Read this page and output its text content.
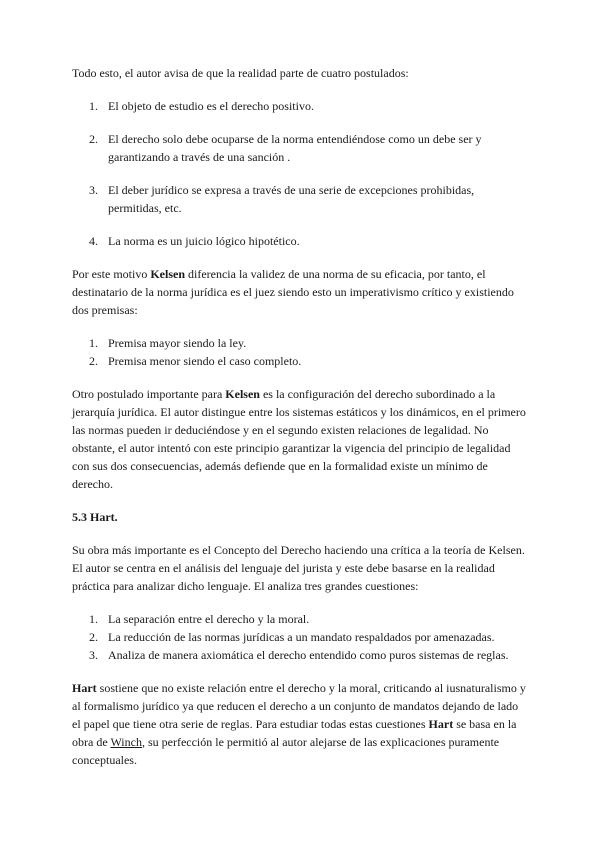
Todo esto, el autor avisa de que la realidad parte de cuatro postulados:

1. El objeto de estudio es el derecho positivo.
2. El derecho solo debe ocuparse de la norma entendiéndose como un debe ser y garantizando a través de una sanción .
3. El deber jurídico se expresa a través de una serie de excepciones prohibidas, permitidas, etc.
4. La norma es un juicio lógico hipotético.

Por este motivo Kelsen diferencia la validez de una norma de su eficacia, por tanto, el destinatario de la norma jurídica es el juez siendo esto un imperativismo crítico y existiendo dos premisas:

1. Premisa mayor siendo la ley.
2. Premisa menor siendo el caso completo.

Otro postulado importante para Kelsen es la configuración del derecho subordinado a la jerarquía jurídica. El autor distingue entre los sistemas estáticos y los dinámicos, en el primero las normas pueden ir deduciéndose y en el segundo existen relaciones de legalidad. No obstante, el autor intentó con este principio garantizar la vigencia del principio de legalidad con sus dos consecuencias, además defiende que en la formalidad existe un mínimo de derecho.

5.3 Hart.

Su obra más importante es el Concepto del Derecho haciendo una crítica a la teoría de Kelsen. El autor se centra en el análisis del lenguaje del jurista y este debe basarse en la realidad práctica para analizar dicho lenguaje. El analiza tres grandes cuestiones:

1. La separación entre el derecho y la moral.
2. La reducción de las normas jurídicas a un mandato respaldados por amenazadas.
3. Analiza de manera axiomática el derecho entendido como puros sistemas de reglas.

Hart sostiene que no existe relación entre el derecho y la moral, criticando al iusnaturalismo y al formalismo jurídico ya que reducen el derecho a un conjunto de mandatos dejando de lado el papel que tiene otra serie de reglas. Para estudiar todas estas cuestiones Hart se basa en la obra de Winch, su perfección le permitió al autor alejarse de las explicaciones puramente conceptuales.
